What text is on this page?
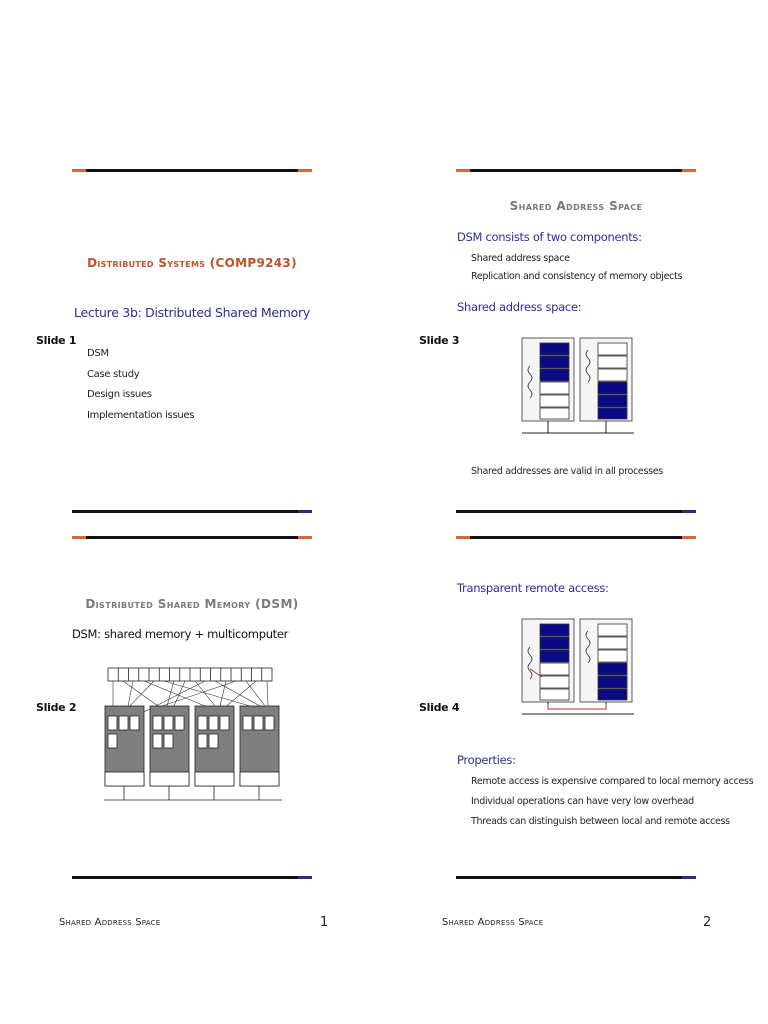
Distributed Systems (COMP9243)
Lecture 3b: Distributed Shared Memory
Slide 1
DSM
Case study
Design issues
Implementation issues
Distributed Shared Memory (DSM)
DSM: shared memory + multicomputer
Slide 2
Shared Address Space	1
Shared Address Space
DSM consists of two components:
Shared address space
Replication and consistency of memory objects
Shared address space:
Slide 3
Shared addresses are valid in all processes
Transparent remote access:
Slide 4
Properties:
Remote access is expensive compared to local memory access
Individual operations can have very low overhead
Threads can distinguish between local and remote access
Shared Address Space	2
